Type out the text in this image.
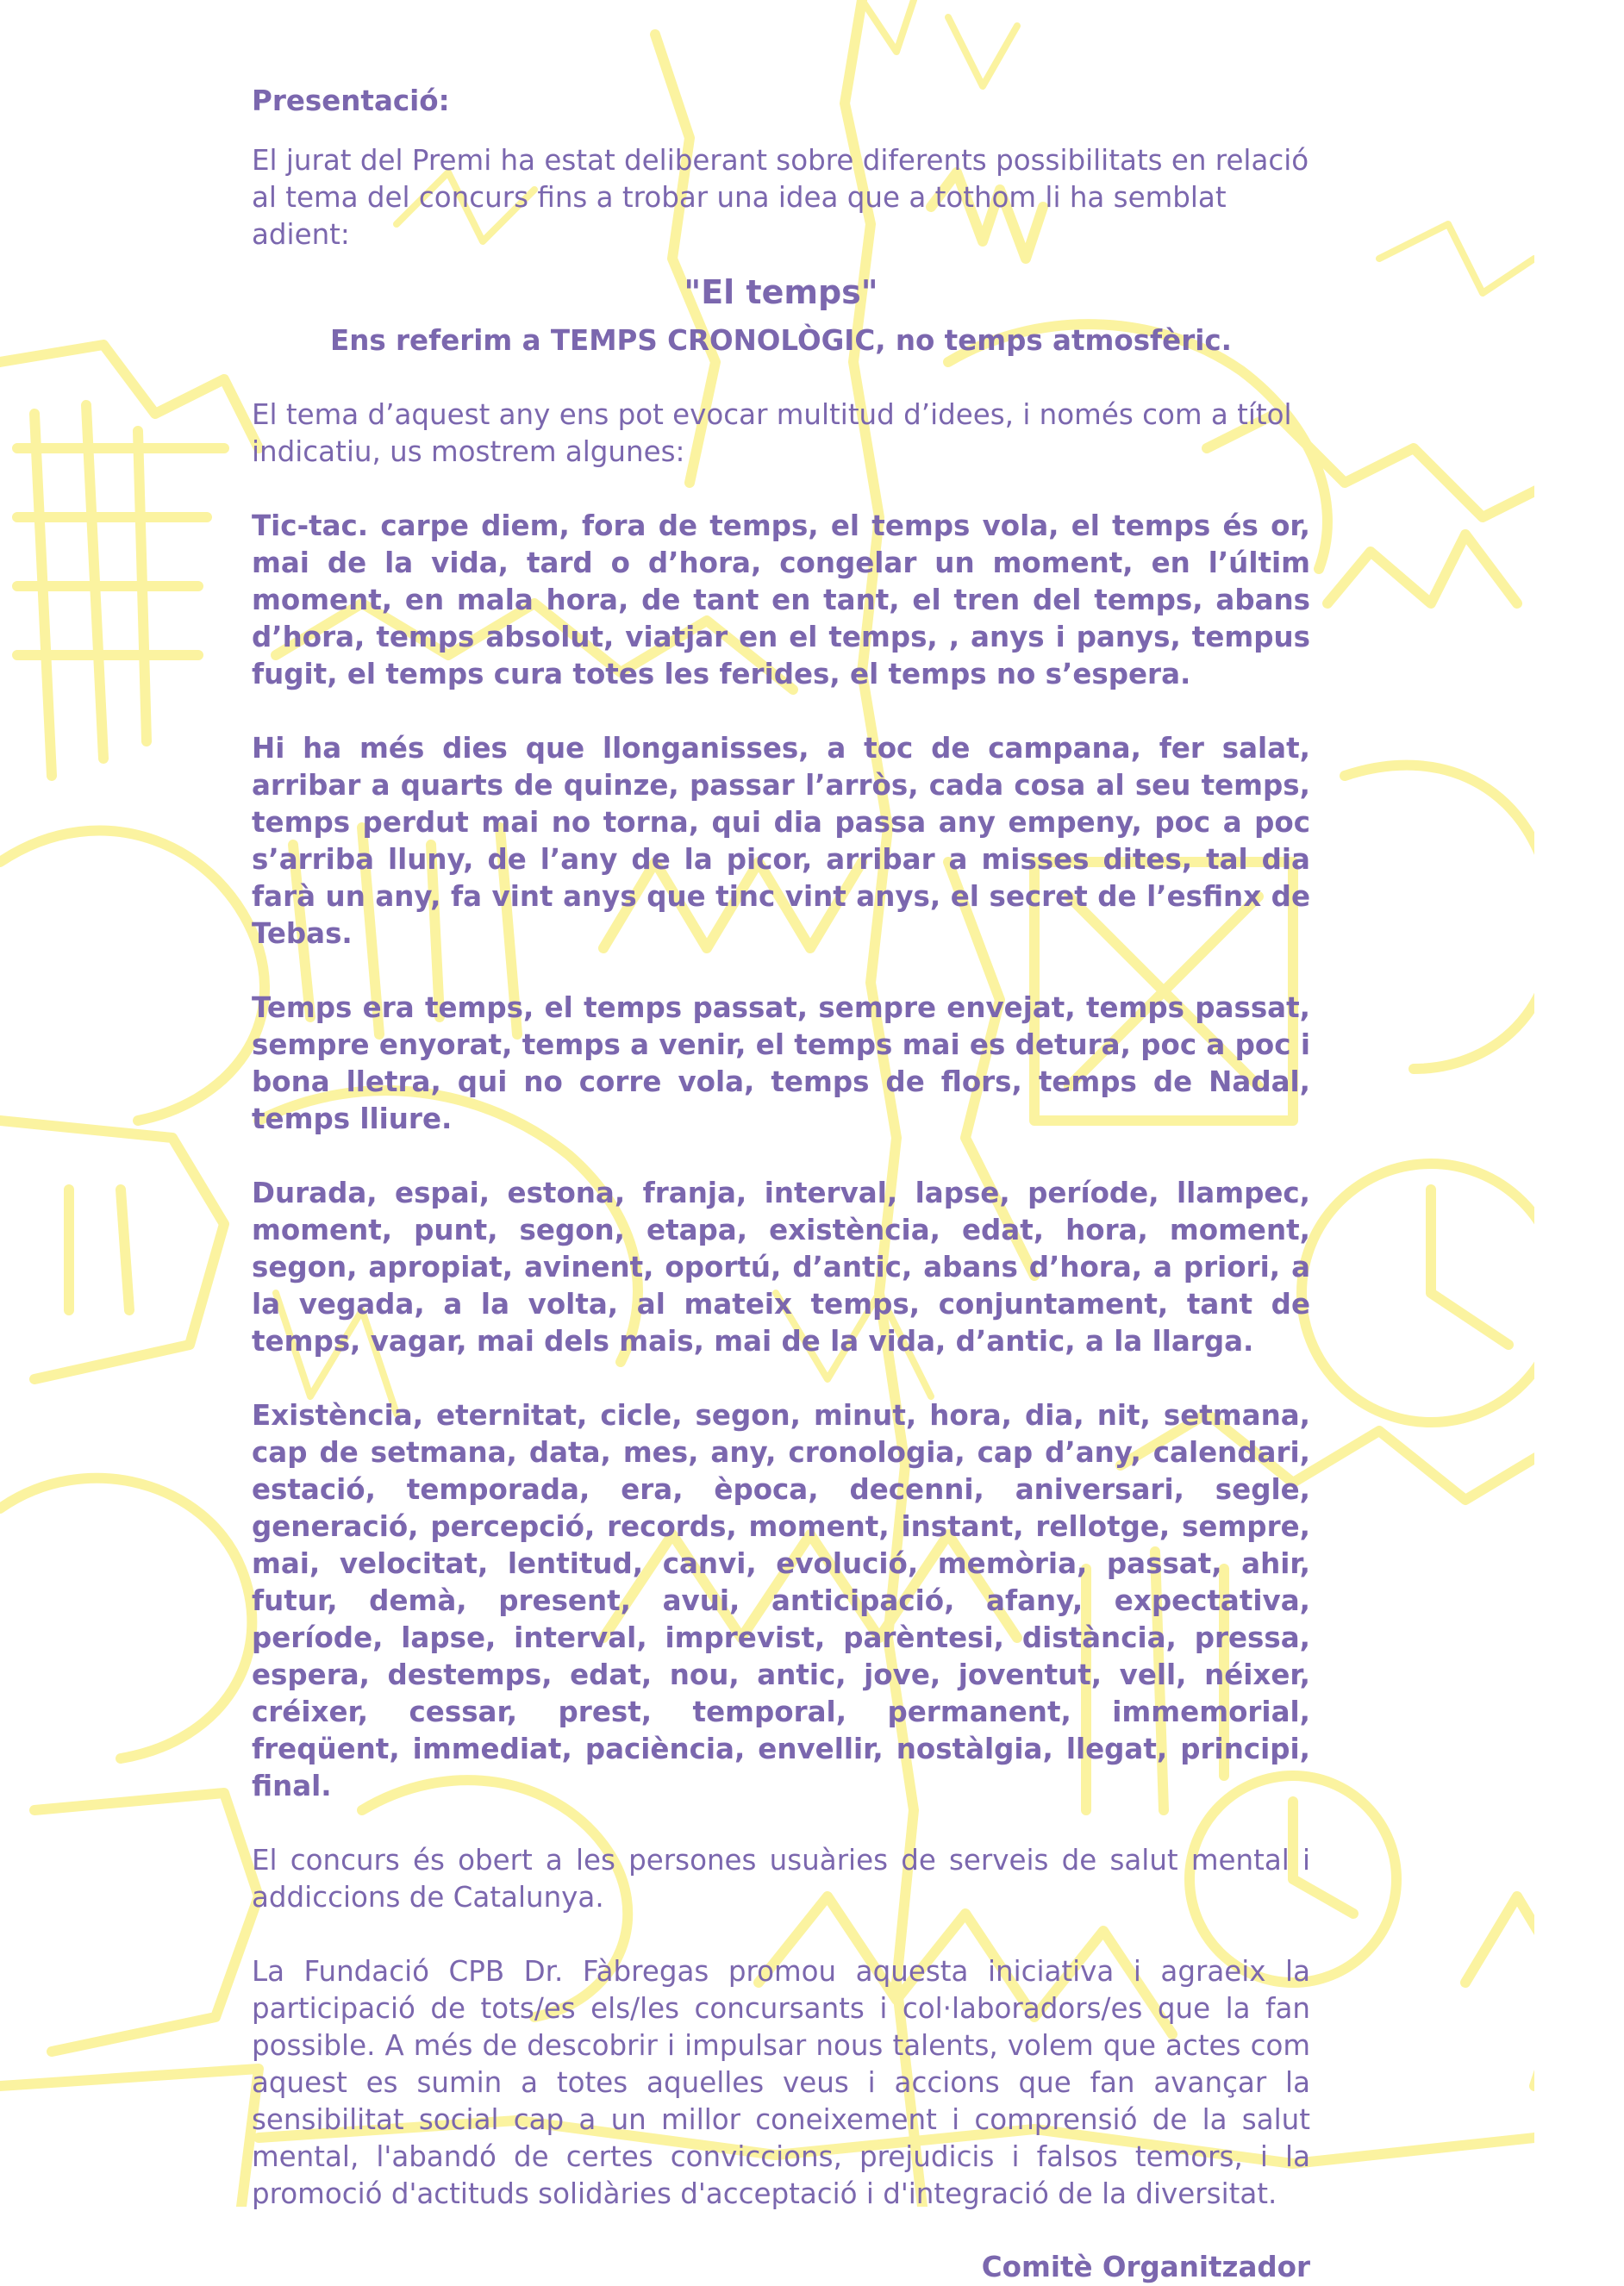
Presentació:

El jurat del Premi ha estat deliberant sobre diferents possibilitats en relació al tema del concurs fins a trobar una idea que a tothom li ha semblat adient:

"El temps"
Ens referim a TEMPS CRONOLÒGIC, no temps atmosfèric.

El tema d’aquest any ens pot evocar multitud d’idees, i només com a títol indicatiu, us mostrem algunes:

Tic-tac. carpe diem, fora de temps, el temps vola, el temps és or, mai de la vida, tard o d’hora, congelar un moment, en l’últim moment, en mala hora, de tant en tant, el tren del temps, abans d’hora, temps absolut, viatjar en el temps, , anys i panys, tempus fugit, el temps cura totes les ferides, el temps no s’espera.

Hi ha més dies que llonganisses, a toc de campana, fer salat, arribar a quarts de quinze, passar l’arròs, cada cosa al seu temps, temps perdut mai no torna, qui dia passa any empeny, poc a poc s’arriba lluny, de l’any de la picor, arribar a misses dites, tal dia farà un any, fa vint anys que tinc vint anys, el secret de l’esfinx de Tebas.

Temps era temps, el temps passat, sempre envejat, temps passat, sempre enyorat, temps a venir, el temps mai es detura, poc a poc i bona lletra, qui no corre vola, temps de flors, temps de Nadal, temps lliure.

Durada, espai, estona, franja, interval, lapse, període, llampec, moment, punt, segon, etapa, existència, edat, hora, moment, segon, apropiat, avinent, oportú, d’antic, abans d’hora, a priori, a la vegada, a la volta, al mateix temps, conjuntament, tant de temps, vagar, mai dels mais, mai de la vida, d’antic, a la llarga.

Existència, eternitat, cicle, segon, minut, hora, dia, nit, setmana, cap de setmana, data, mes, any, cronologia, cap d’any, calendari, estació, temporada, era, època, decenni, aniversari, segle, generació, percepció, records, moment, instant, rellotge, sempre, mai, velocitat, lentitud, canvi, evolució, memòria, passat, ahir, futur, demà, present, avui, anticipació, afany, expectativa, període, lapse, interval, imprevist, parèntesi, distància, pressa, espera, destemps, edat, nou, antic, jove, joventut, vell, néixer, créixer, cessar, prest, temporal, permanent, immemorial, freqüent, immediat, paciència, envellir, nostàlgia, llegat, principi, final.

El concurs és obert a les persones usuàries de serveis de salut mental i addiccions de Catalunya.

La Fundació CPB Dr. Fàbregas promou aquesta iniciativa i agraeix la participació de tots/es els/les concursants i col·laboradors/es que la fan possible. A més de descobrir i impulsar nous talents, volem que actes com aquest es sumin a totes aquelles veus i accions que fan avançar la sensibilitat social cap a un millor coneixement i comprensió de la salut mental, l'abandó de certes conviccions, prejudicis i falsos temors, i la promoció d'actituds solidàries d'acceptació i d'integració de la diversitat.

Comitè Organitzador
